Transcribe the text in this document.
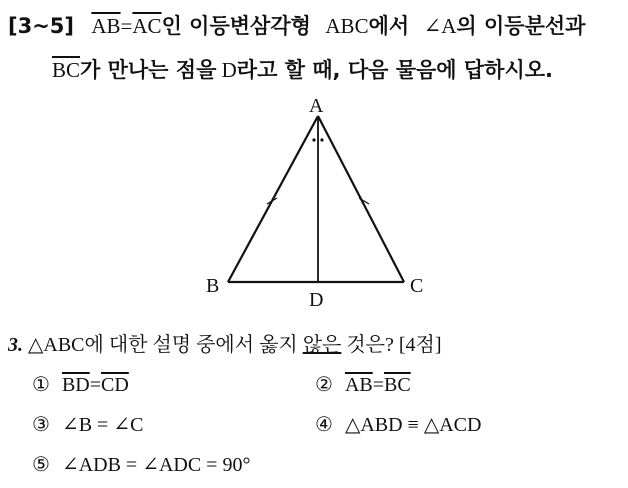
[3~5] $\overline{AB}=\overline{AC}$인 이등변삼각형 ABC에서 ∠A의 이등분선과
$\overline{BC}$가 만나는 점을 D라고 할 때, 다음 물음에 답하시오.
A
B	C
D
3. △ABC에 대한 설명 중에서 옳지 않은 것은? [4점]
① $\overline{BD}=\overline{CD}$	② $\overline{AB}=\overline{BC}$
③ ∠B = ∠C	④ △ABD ≡ △ACD
⑤ ∠ADB = ∠ADC = 90°
